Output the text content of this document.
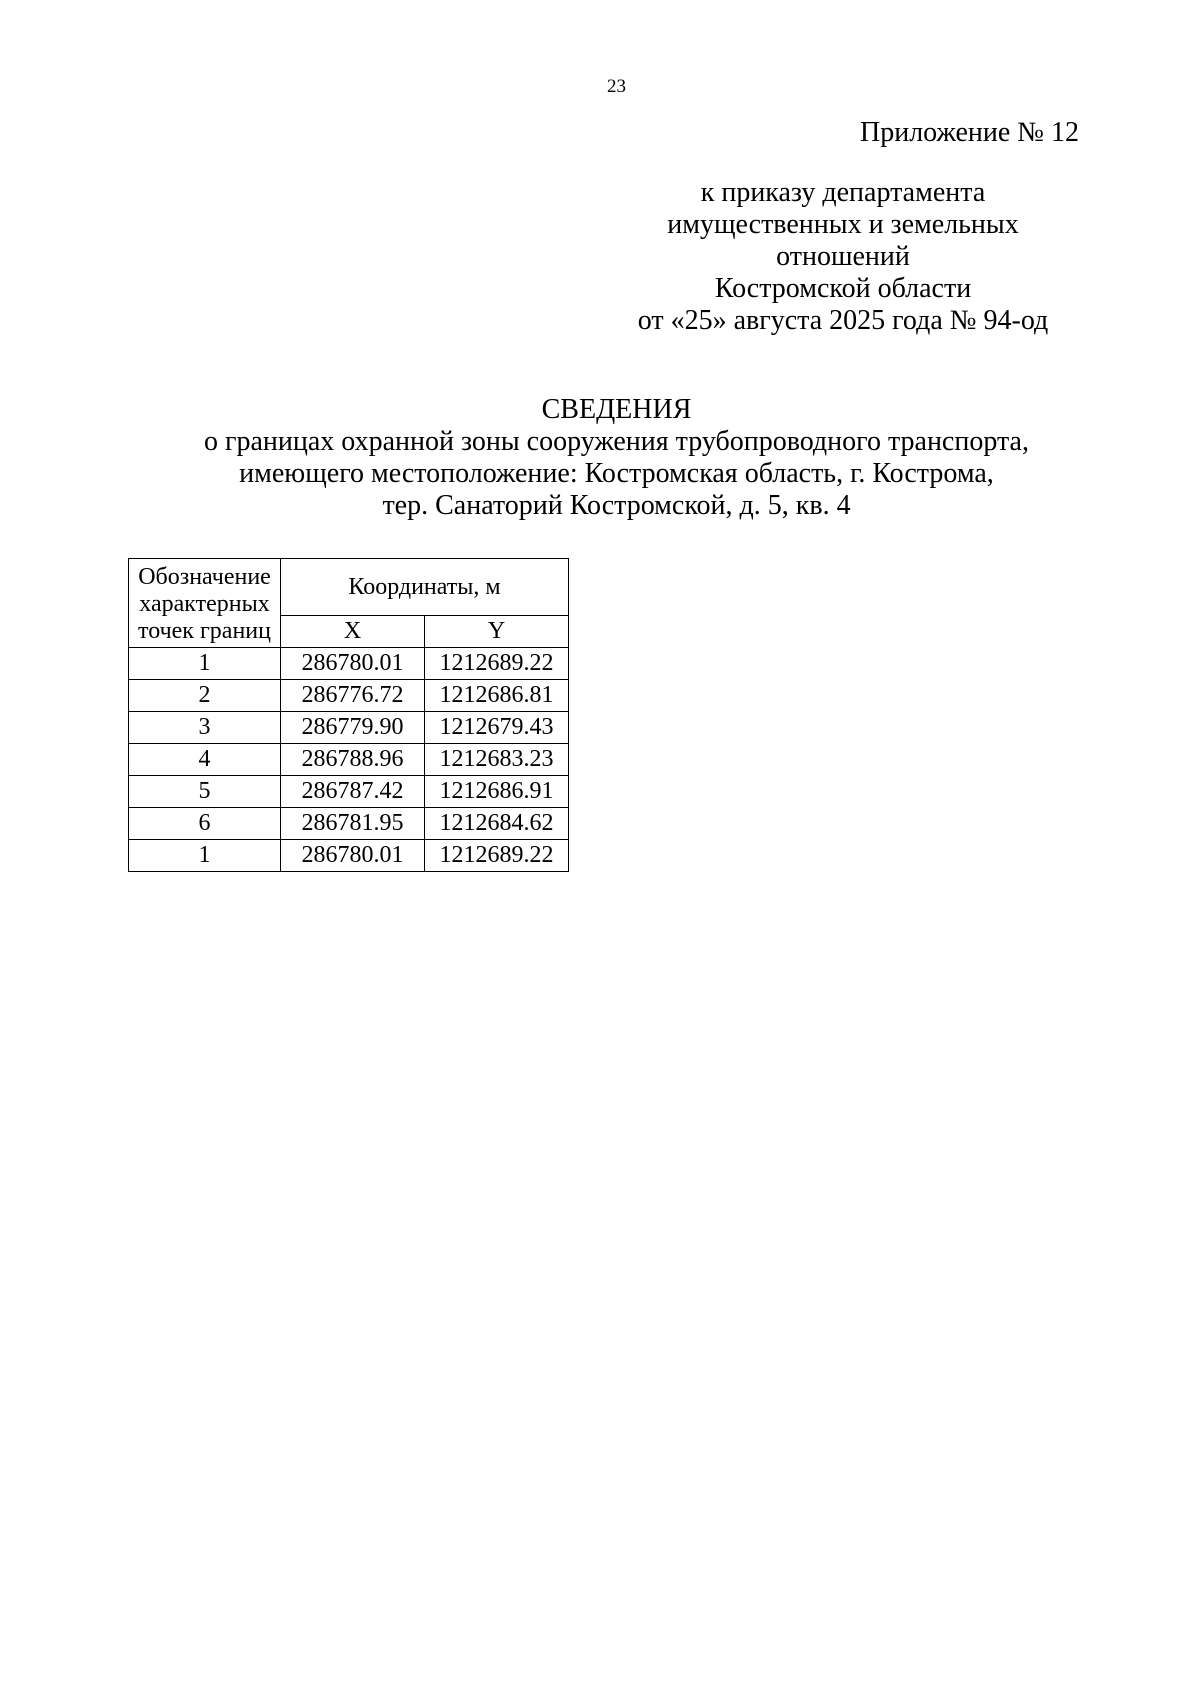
23
Приложение № 12
к приказу департамента
имущественных и земельных
отношений
Костромской области
от «25» августа 2025 года № 94-од
СВЕДЕНИЯ
о границах охранной зоны сооружения трубопроводного транспорта,
имеющего местоположение: Костромская область, г. Кострома,
тер. Санаторий Костромской, д. 5, кв. 4
Обозначение
характерных
точек границ	Координаты, м	
	X	Y
1	286780.01	1212689.22
2	286776.72	1212686.81
3	286779.90	1212679.43
4	286788.96	1212683.23
5	286787.42	1212686.91
6	286781.95	1212684.62
1	286780.01	1212689.22
